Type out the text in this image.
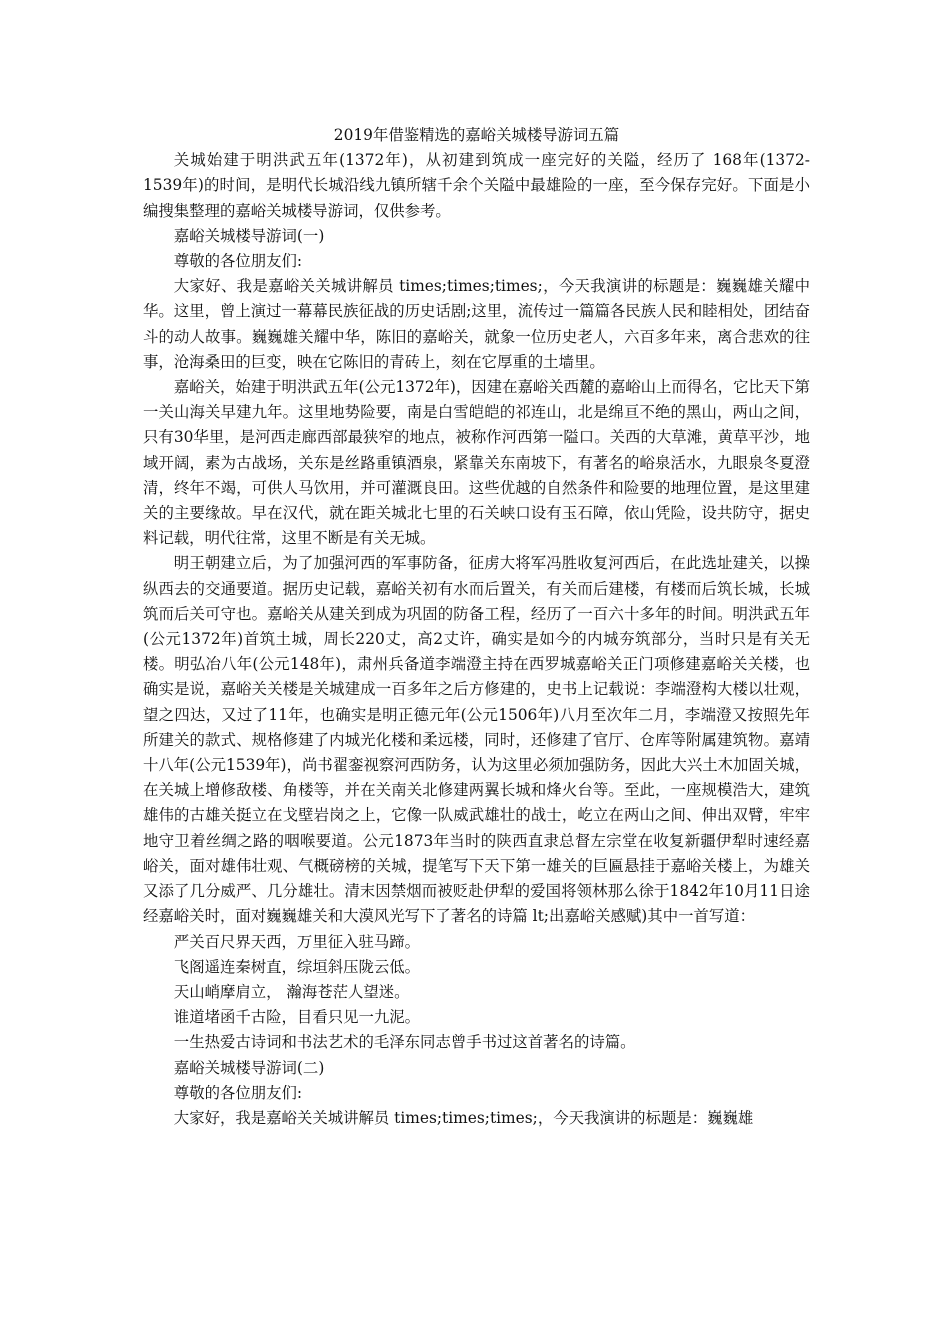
2019年借鉴精选的嘉峪关城楼导游词五篇

关城始建于明洪武五年(1372年)，从初建到筑成一座完好的关隘，经历了 168年(1372-1539年)的时间，是明代长城沿线九镇所辖千余个关隘中最雄险的一座，至今保存完好。下面是小编搜集整理的嘉峪关城楼导游词，仅供参考。

嘉峪关城楼导游词(一)

尊敬的各位朋友们:

大家好、我是嘉峪关关城讲解员 times;times;times;，今天我演讲的标题是：巍巍雄关耀中华。这里，曾上演过一幕幕民族征战的历史话剧;这里，流传过一篇篇各民族人民和睦相处，团结奋斗的动人故事。巍巍雄关耀中华，陈旧的嘉峪关，就象一位历史老人，六百多年来，离合悲欢的往事，沧海桑田的巨变，映在它陈旧的青砖上，刻在它厚重的土墙里。

嘉峪关，始建于明洪武五年(公元1372年)，因建在嘉峪关西麓的嘉峪山上而得名，它比天下第一关山海关早建九年。这里地势险要，南是白雪皑皑的祁连山，北是绵亘不绝的黑山，两山之间，只有30华里，是河西走廊西部最狭窄的地点，被称作河西第一隘口。关西的大草滩，黄草平沙，地域开阔，素为古战场，关东是丝路重镇酒泉，紧靠关东南坡下，有著名的峪泉活水，九眼泉冬夏澄清，终年不竭，可供人马饮用，并可灌溉良田。这些优越的自然条件和险要的地理位置，是这里建关的主要缘故。早在汉代，就在距关城北七里的石关峡口设有玉石障，依山凭险，设共防守，据史料记载，明代往常，这里不断是有关无城。

明王朝建立后，为了加强河西的军事防备，征虏大将军冯胜收复河西后，在此选址建关，以操纵西去的交通要道。据历史记载，嘉峪关初有水而后置关，有关而后建楼，有楼而后筑长城，长城筑而后关可守也。嘉峪关从建关到成为巩固的防备工程，经历了一百六十多年的时间。明洪武五年(公元1372年)首筑土城，周长220丈，高2丈许，确实是如今的内城夯筑部分，当时只是有关无楼。明弘冶八年(公元148年)，肃州兵备道李端澄主持在西罗城嘉峪关正门项修建嘉峪关关楼，也确实是说，嘉峪关关楼是关城建成一百多年之后方修建的，史书上记载说：李端澄构大楼以壮观，望之四达，又过了11年，也确实是明正德元年(公元1506年)八月至次年二月，李端澄又按照先年所建关的款式、规格修建了内城光化楼和柔远楼，同时，还修建了官厅、仓库等附属建筑物。嘉靖十八年(公元1539年)，尚书翟銮视察河西防务，认为这里必须加强防务，因此大兴土木加固关城，在关城上增修敌楼、角楼等，并在关南关北修建两翼长城和烽火台等。至此，一座规模浩大，建筑雄伟的古雄关挺立在戈壁岩岗之上，它像一队威武雄壮的战士，屹立在两山之间、伸出双臂，牢牢地守卫着丝绸之路的咽喉要道。公元1873年当时的陕西直隶总督左宗堂在收复新疆伊犁时速经嘉峪关，面对雄伟壮观、气概磅榜的关城，提笔写下天下第一雄关的巨匾悬挂于嘉峪关楼上，为雄关又添了几分威严、几分雄壮。清末因禁烟而被贬赴伊犁的爱国将领林那么徐于1842年10月11日途经嘉峪关时，面对巍巍雄关和大漠风光写下了著名的诗篇 lt;出嘉峪关感赋)其中一首写道：

严关百尺界天西，万里征入驻马蹄。

飞阁遥连秦树直，综垣斜压陇云低。

天山峭摩肩立， 瀚海苍茫人望迷。

谁道堵函千古险，目看只见一九泥。

一生热爱古诗词和书法艺术的毛泽东同志曾手书过这首著名的诗篇。

嘉峪关城楼导游词(二)

尊敬的各位朋友们:

大家好，我是嘉峪关关城讲解员 times;times;times;，今天我演讲的标题是：巍巍雄
